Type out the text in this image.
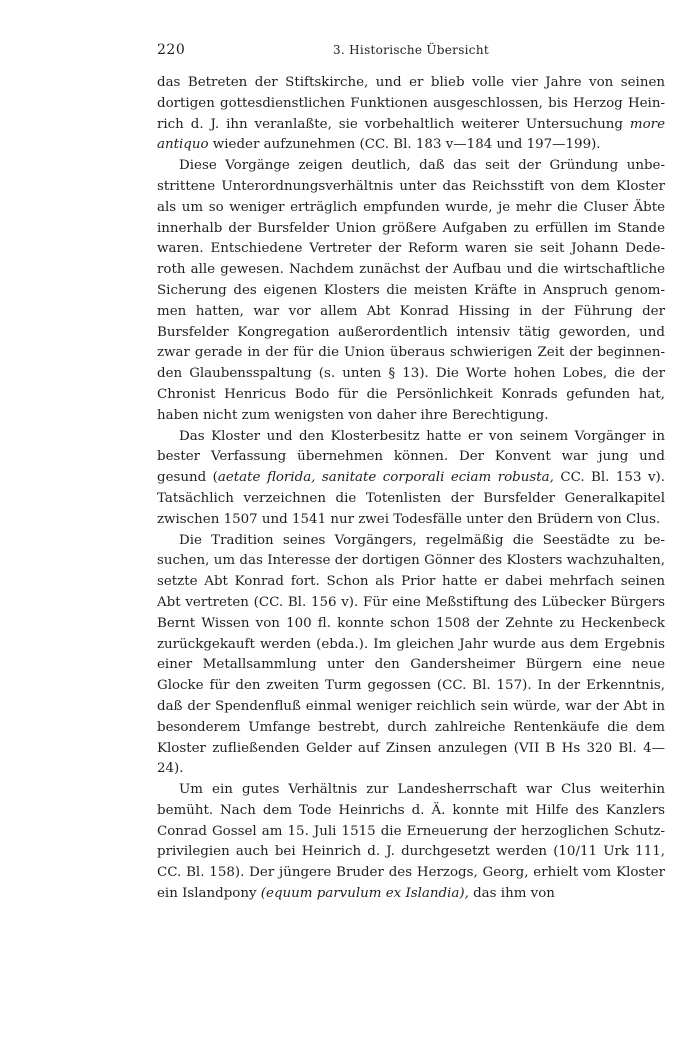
220	3. Historische Übersicht

das Betreten der Stiftskirche, und er blieb volle vier Jahre von seinen dortigen gottesdienstlichen Funktionen ausgeschlossen, bis Herzog Heinrich d. J. ihn veranlaßte, sie vorbehaltlich weiterer Untersuchung more antiquo wieder aufzunehmen (CC. Bl. 183 v—184 und 197—199).

Diese Vorgänge zeigen deutlich, daß das seit der Gründung unbestrittene Unterordnungsverhältnis unter das Reichsstift von dem Kloster als um so weniger erträglich empfunden wurde, je mehr die Cluser Äbte innerhalb der Bursfelder Union größere Aufgaben zu erfüllen im Stande waren. Entschiedene Vertreter der Reform waren sie seit Johann Dederoth alle gewesen. Nachdem zunächst der Aufbau und die wirtschaftliche Sicherung des eigenen Klosters die meisten Kräfte in Anspruch genommen hatten, war vor allem Abt Konrad Hissing in der Führung der Bursfelder Kongregation außerordentlich intensiv tätig geworden, und zwar gerade in der für die Union überaus schwierigen Zeit der beginnenden Glaubensspaltung (s. unten § 13). Die Worte hohen Lobes, die der Chronist Henricus Bodo für die Persönlichkeit Konrads gefunden hat, haben nicht zum wenigsten von daher ihre Berechtigung.

Das Kloster und den Klosterbesitz hatte er von seinem Vorgänger in bester Verfassung übernehmen können. Der Konvent war jung und gesund (aetate florida, sanitate corporali eciam robusta, CC. Bl. 153 v). Tatsächlich verzeichnen die Totenlisten der Bursfelder Generalkapitel zwischen 1507 und 1541 nur zwei Todesfälle unter den Brüdern von Clus.

Die Tradition seines Vorgängers, regelmäßig die Seestädte zu besuchen, um das Interesse der dortigen Gönner des Klosters wachzuhalten, setzte Abt Konrad fort. Schon als Prior hatte er dabei mehrfach seinen Abt vertreten (CC. Bl. 156 v). Für eine Meßstiftung des Lübecker Bürgers Bernt Wissen von 100 fl. konnte schon 1508 der Zehnte zu Heckenbeck zurückgekauft werden (ebda.). Im gleichen Jahr wurde aus dem Ergebnis einer Metallsammlung unter den Gandersheimer Bürgern eine neue Glocke für den zweiten Turm gegossen (CC. Bl. 157). In der Erkenntnis, daß der Spendenfluß einmal weniger reichlich sein würde, war der Abt in besonderem Umfange bestrebt, durch zahlreiche Rentenkäufe die dem Kloster zufließenden Gelder auf Zinsen anzulegen (VII B Hs 320 Bl. 4—24).

Um ein gutes Verhältnis zur Landesherrschaft war Clus weiterhin bemüht. Nach dem Tode Heinrichs d. Ä. konnte mit Hilfe des Kanzlers Conrad Gossel am 15. Juli 1515 die Erneuerung der herzoglichen Schutzprivilegien auch bei Heinrich d. J. durchgesetzt werden (10/11 Urk 111, CC. Bl. 158). Der jüngere Bruder des Herzogs, Georg, erhielt vom Kloster ein Islandpony (equum parvulum ex Islandia), das ihm von
